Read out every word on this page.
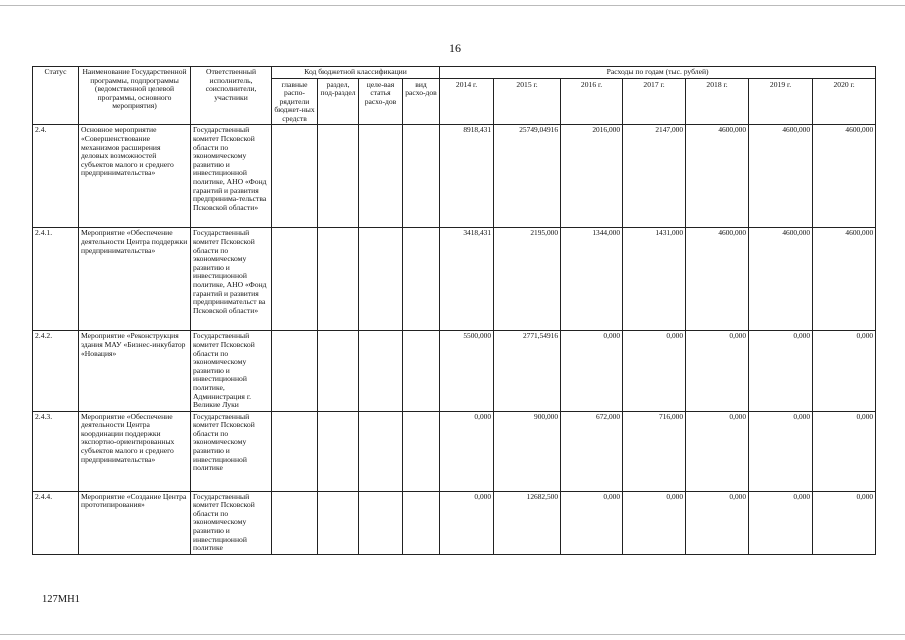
16
Статус	Наименование Государственной программы, подпрограммы (ведомственной целевой программы, основного мероприятия)	Ответственный исполнитель, соисполнители, участники	Код бюджетной классификации				Расходы по годам (тыс. рублей)						
			главные распо-рядители бюджет-ных средств	раздел, под-раздел	целе-вая статья расхо-дов	вид расхо-дов	2014 г.	2015 г.	2016 г.	2017 г.	2018 г.	2019 г.	2020 г.
2.4.	Основное мероприятие «Совершенствование механизмов расширения деловых возможностей субъектов малого и среднего предпринимательства»	Государственный комитет Псковской области по экономическому развитию и инвестиционной политике, АНО «Фонд гарантий и развития предпринима-тельства Псковской области»					8918,431	25749,04916	2016,000	2147,000	4600,000	4600,000	4600,000
2.4.1.	Мероприятие «Обеспечение деятельности Центра поддержки предпринимательства»	Государственный комитет Псковской области по экономическому развитию и инвестиционной политике, АНО «Фонд гарантий и развития предпринимательст ва Псковской области»					3418,431	2195,000	1344,000	1431,000	4600,000	4600,000	4600,000
2.4.2.	Мероприятие «Реконструкция здания МАУ «Бизнес-инкубатор «Новация»	Государственный комитет Псковской области по экономическому развитию и инвестиционной политике, Администрация г. Великие Луки					5500,000	2771,54916	0,000	0,000	0,000	0,000	0,000
2.4.3.	Мероприятие «Обеспечение деятельности Центра координации поддержки экспортно-ориентированных субъектов малого и среднего предпринимательства»	Государственный комитет Псковской области по экономическому развитию и инвестиционной политике					0,000	900,000	672,000	716,000	0,000	0,000	0,000
2.4.4.	Мероприятие «Создание Центра прототипирования»	Государственный комитет Псковской области по экономическому развитию и инвестиционной политике					0,000	12682,500	0,000	0,000	0,000	0,000	0,000
127МН1
